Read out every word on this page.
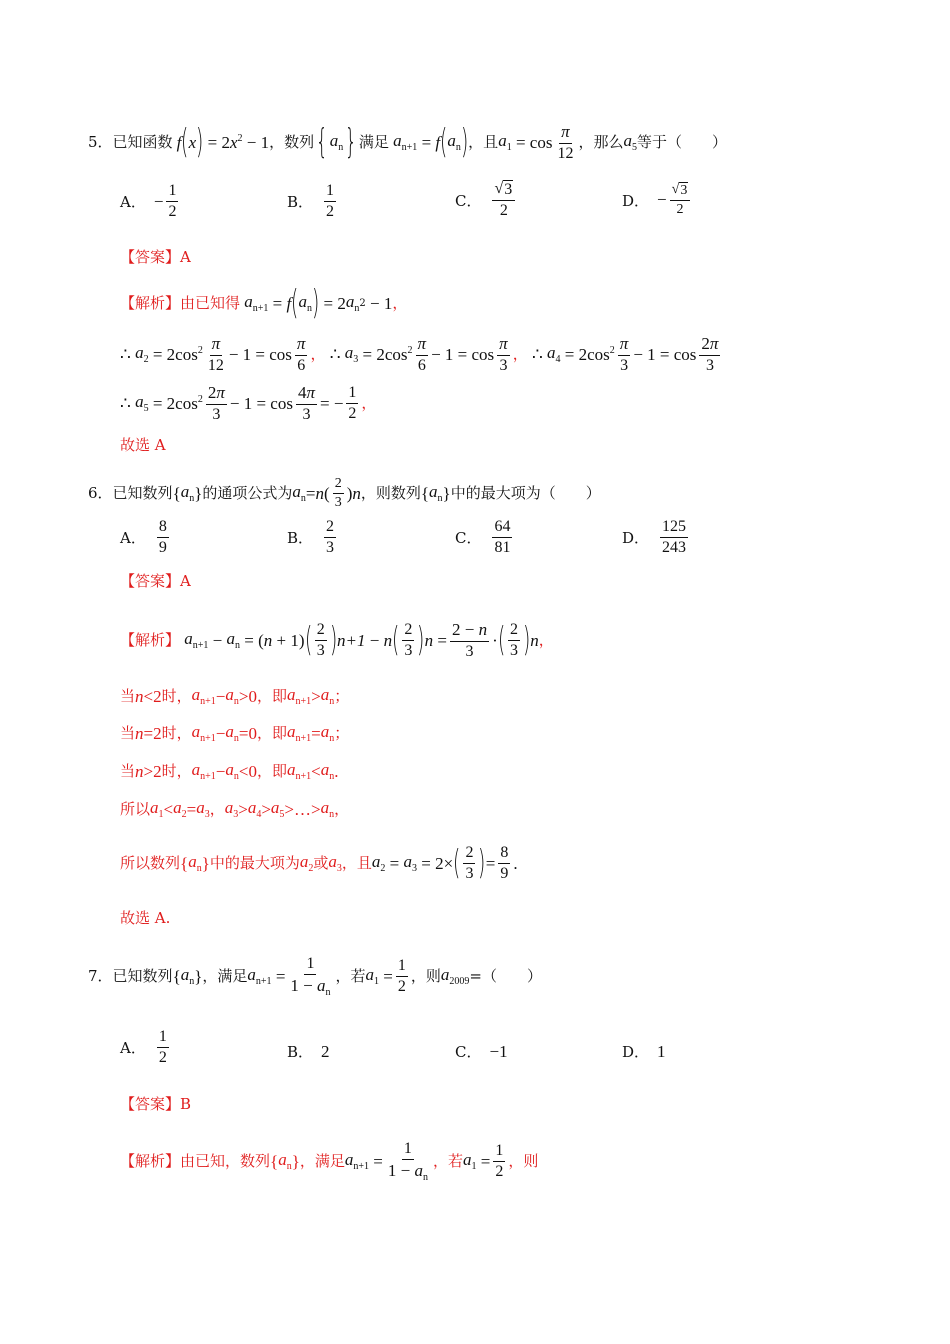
5． 已知函数 f ( x ) = $2x^2 - 1$ ，数列 { $a_n$ } 满足 $a_{n+1} = f$ ( $a_n$ ) ，且 $a_1 = \cos \frac{\pi}{12}$ ，那么 $a_5$ 等于（　　）
A． − $\frac{1}{2}$	B． $\frac{1}{2}$	C． $\frac{√ 3}{2}$	D． − $\frac{√ 3}{2}$
【答案】 A
【解析】 由已知得 $a_{n+1} = f$ ( $a_n$ ) = 2 $a_n$ 2 − 1 ，
∴ $a_2 = 2\cos^2 \frac{\pi}{12} - 1 = \cos \frac{\pi}{6}$ ， ∴ $a_3 = 2\cos^2 \frac{\pi}{6} - 1 = \cos \frac{\pi}{3}$ ， ∴ $a_4 = 2\cos^2 \frac{\pi}{3} - 1 = \cos \frac{2\pi}{3}$
∴ $a_5 = 2\cos^2 \frac{2\pi}{3} - 1 = \cos \frac{4\pi}{3}$ = − $\frac{1}{2}$ ，
故选 A
6． 已知数列 { $a_n$ } 的通项公式为 $a_n = n$ ( $\frac{2}{3}$ ) n ，则数列 { $a_n$ } 中的最大项为（　　）
A． $\frac{8}{9}$	B． $\frac{2}{3}$	C． $\frac{64}{81}$	D． $\frac{125}{243}$
【答案】 A
【解析】 $a_{n+1} - a_n$ = ( n + 1) ( $\frac{2}{3}$ ) n+1 − n ( $\frac{2}{3}$ ) $n = \frac{2 - n}{3}$ · ( $\frac{2}{3}$ ) n ，
当 n <2 时， $a_{n+1} - a_n >0$ ，即 $a_{n+1} > a_n$ ；
当 n =2 时， $a_{n+1} - a_n =0$ ，即 $a_{n+1} = a_n$ ；
当 n >2 时， $a_{n+1} - a_n <0$ ，即 $a_{n+1} < a_n$ .
所以 $a_1 < a_2 = a_3$ ， $a_3 > a_4 > a_5$ >…> $a_n$ ，
所以数列 { $a_n$ } 中的最大项为 $a_2$ 或 $a_3$ ，且 $a_2 = a_3 = 2\times$ ( $\frac{2}{3}$ ) = $\frac{8}{9}$ .
故选 A.
7． 已知数列 { $a_n$ } ，满足 $a_{n+1} = \frac{1}{1 - a_n}$ ，若 $a_1 = \frac{1}{2}$ ，则 $a_{2009}$ =（　　）
A． $\frac{1}{2}$	B． 2	C． −1	D． 1
【答案】 B
【解析】 由已知，数列 { $a_n$ } ，满足 $a_{n+1} = \frac{1}{1 - a_n}$ ，若 $a_1 = \frac{1}{2}$ ，则
